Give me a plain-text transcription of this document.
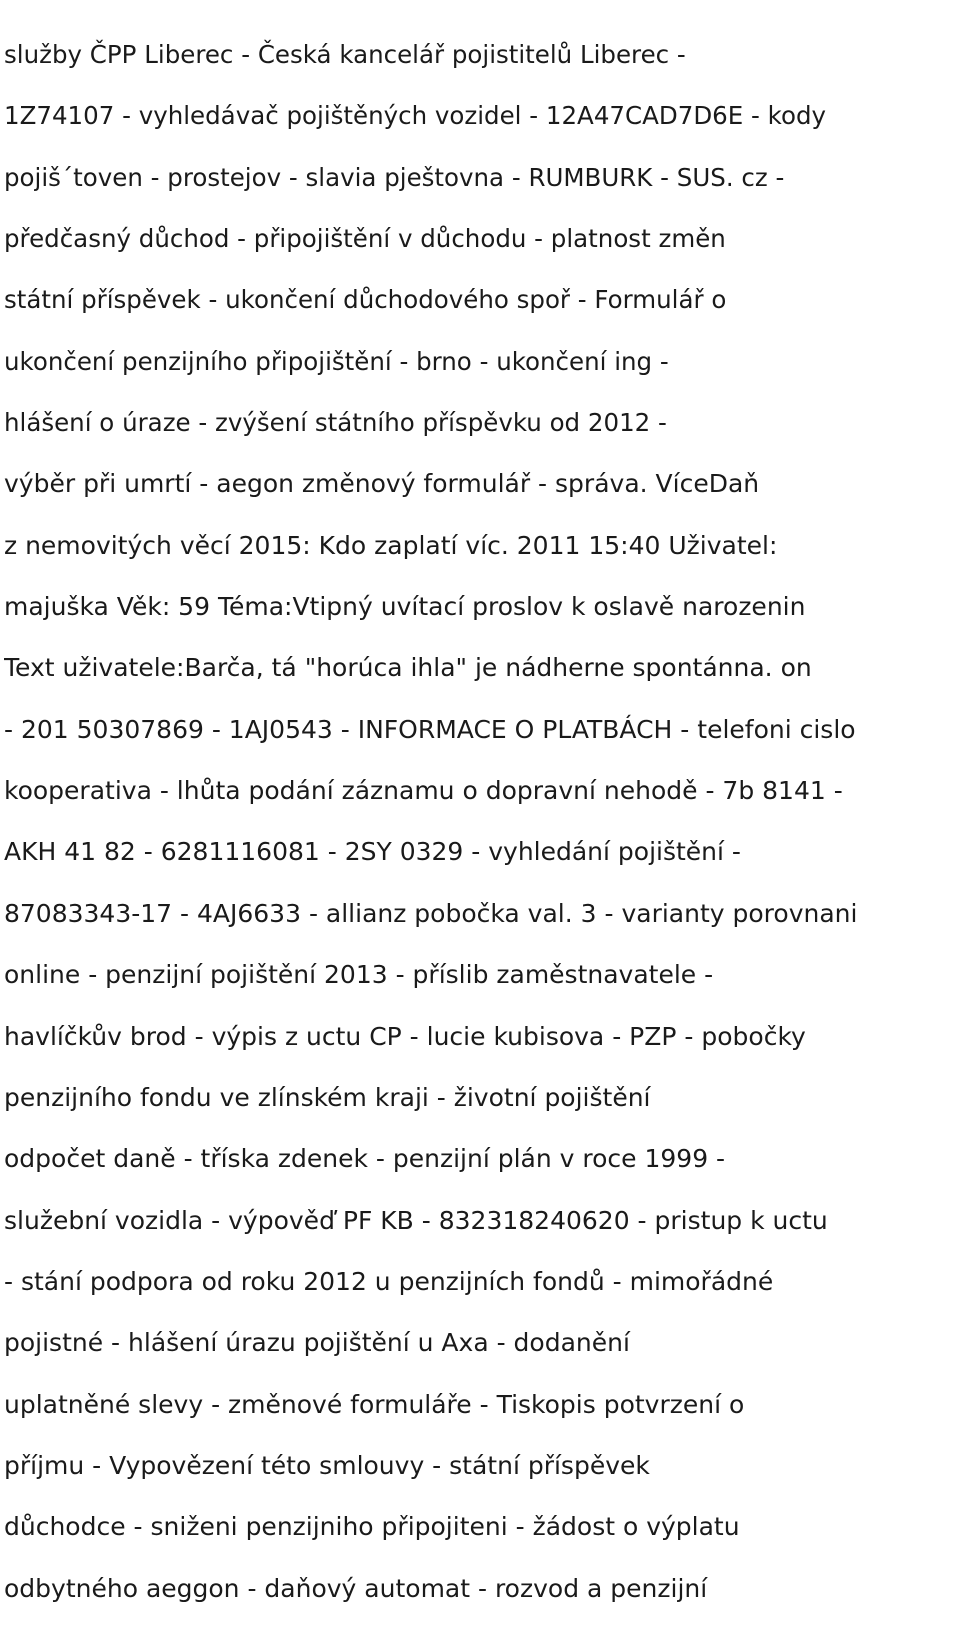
služby ČPP Liberec - Česká kancelář pojistitelů Liberec -
1Z74107 - vyhledávač pojištěných vozidel - 12A47CAD7D6E - kody
pojiš´toven - prostejov - slavia pještovna - RUMBURK - SUS. cz -
předčasný důchod - připojištění v důchodu - platnost změn
státní příspěvek - ukončení důchodového spoř - Formulář o
ukončení penzijního připojištění - brno - ukončení ing -
hlášení o úraze - zvýšení státního příspěvku od 2012 -
výběr při umrtí - aegon změnový formulář - správa. VíceDaň
z nemovitých věcí 2015: Kdo zaplatí víc. 2011 15:40 Uživatel:
majuška Věk: 59 Téma:Vtipný uvítací proslov k oslavě narozenin
Text uživatele:Barča, tá "horúca ihla" je nádherne spontánna. on
- 201 50307869 - 1AJ0543 - INFORMACE O PLATBÁCH - telefoni cislo
kooperativa - lhůta podání záznamu o dopravní nehodě - 7b 8141 -
AKH 41 82 - 6281116081 - 2SY 0329 - vyhledání pojištění -
87083343-17 - 4AJ6633 - allianz pobočka val. 3 - varianty porovnani
online - penzijní pojištění 2013 - příslib zaměstnavatele -
havlíčkův brod - výpis z uctu CP - lucie kubisova - PZP - pobočky
penzijního fondu ve zlínském kraji - životní pojištění
odpočet daně - tříska zdenek - penzijní plán v roce 1999 -
služební vozidla - výpověď PF KB - 832318240620 - pristup k uctu
- stání podpora od roku 2012 u penzijních fondů - mimořádné
pojistné - hlášení úrazu pojištění u Axa - dodanění
uplatněné slevy - změnové formuláře - Tiskopis potvrzení o
příjmu - Vypovězení této smlouvy - státní příspěvek
důchodce - sniženi penzijniho připojiteni - žádost o výplatu
odbytného aeggon - daňový automat - rozvod a penzijní
